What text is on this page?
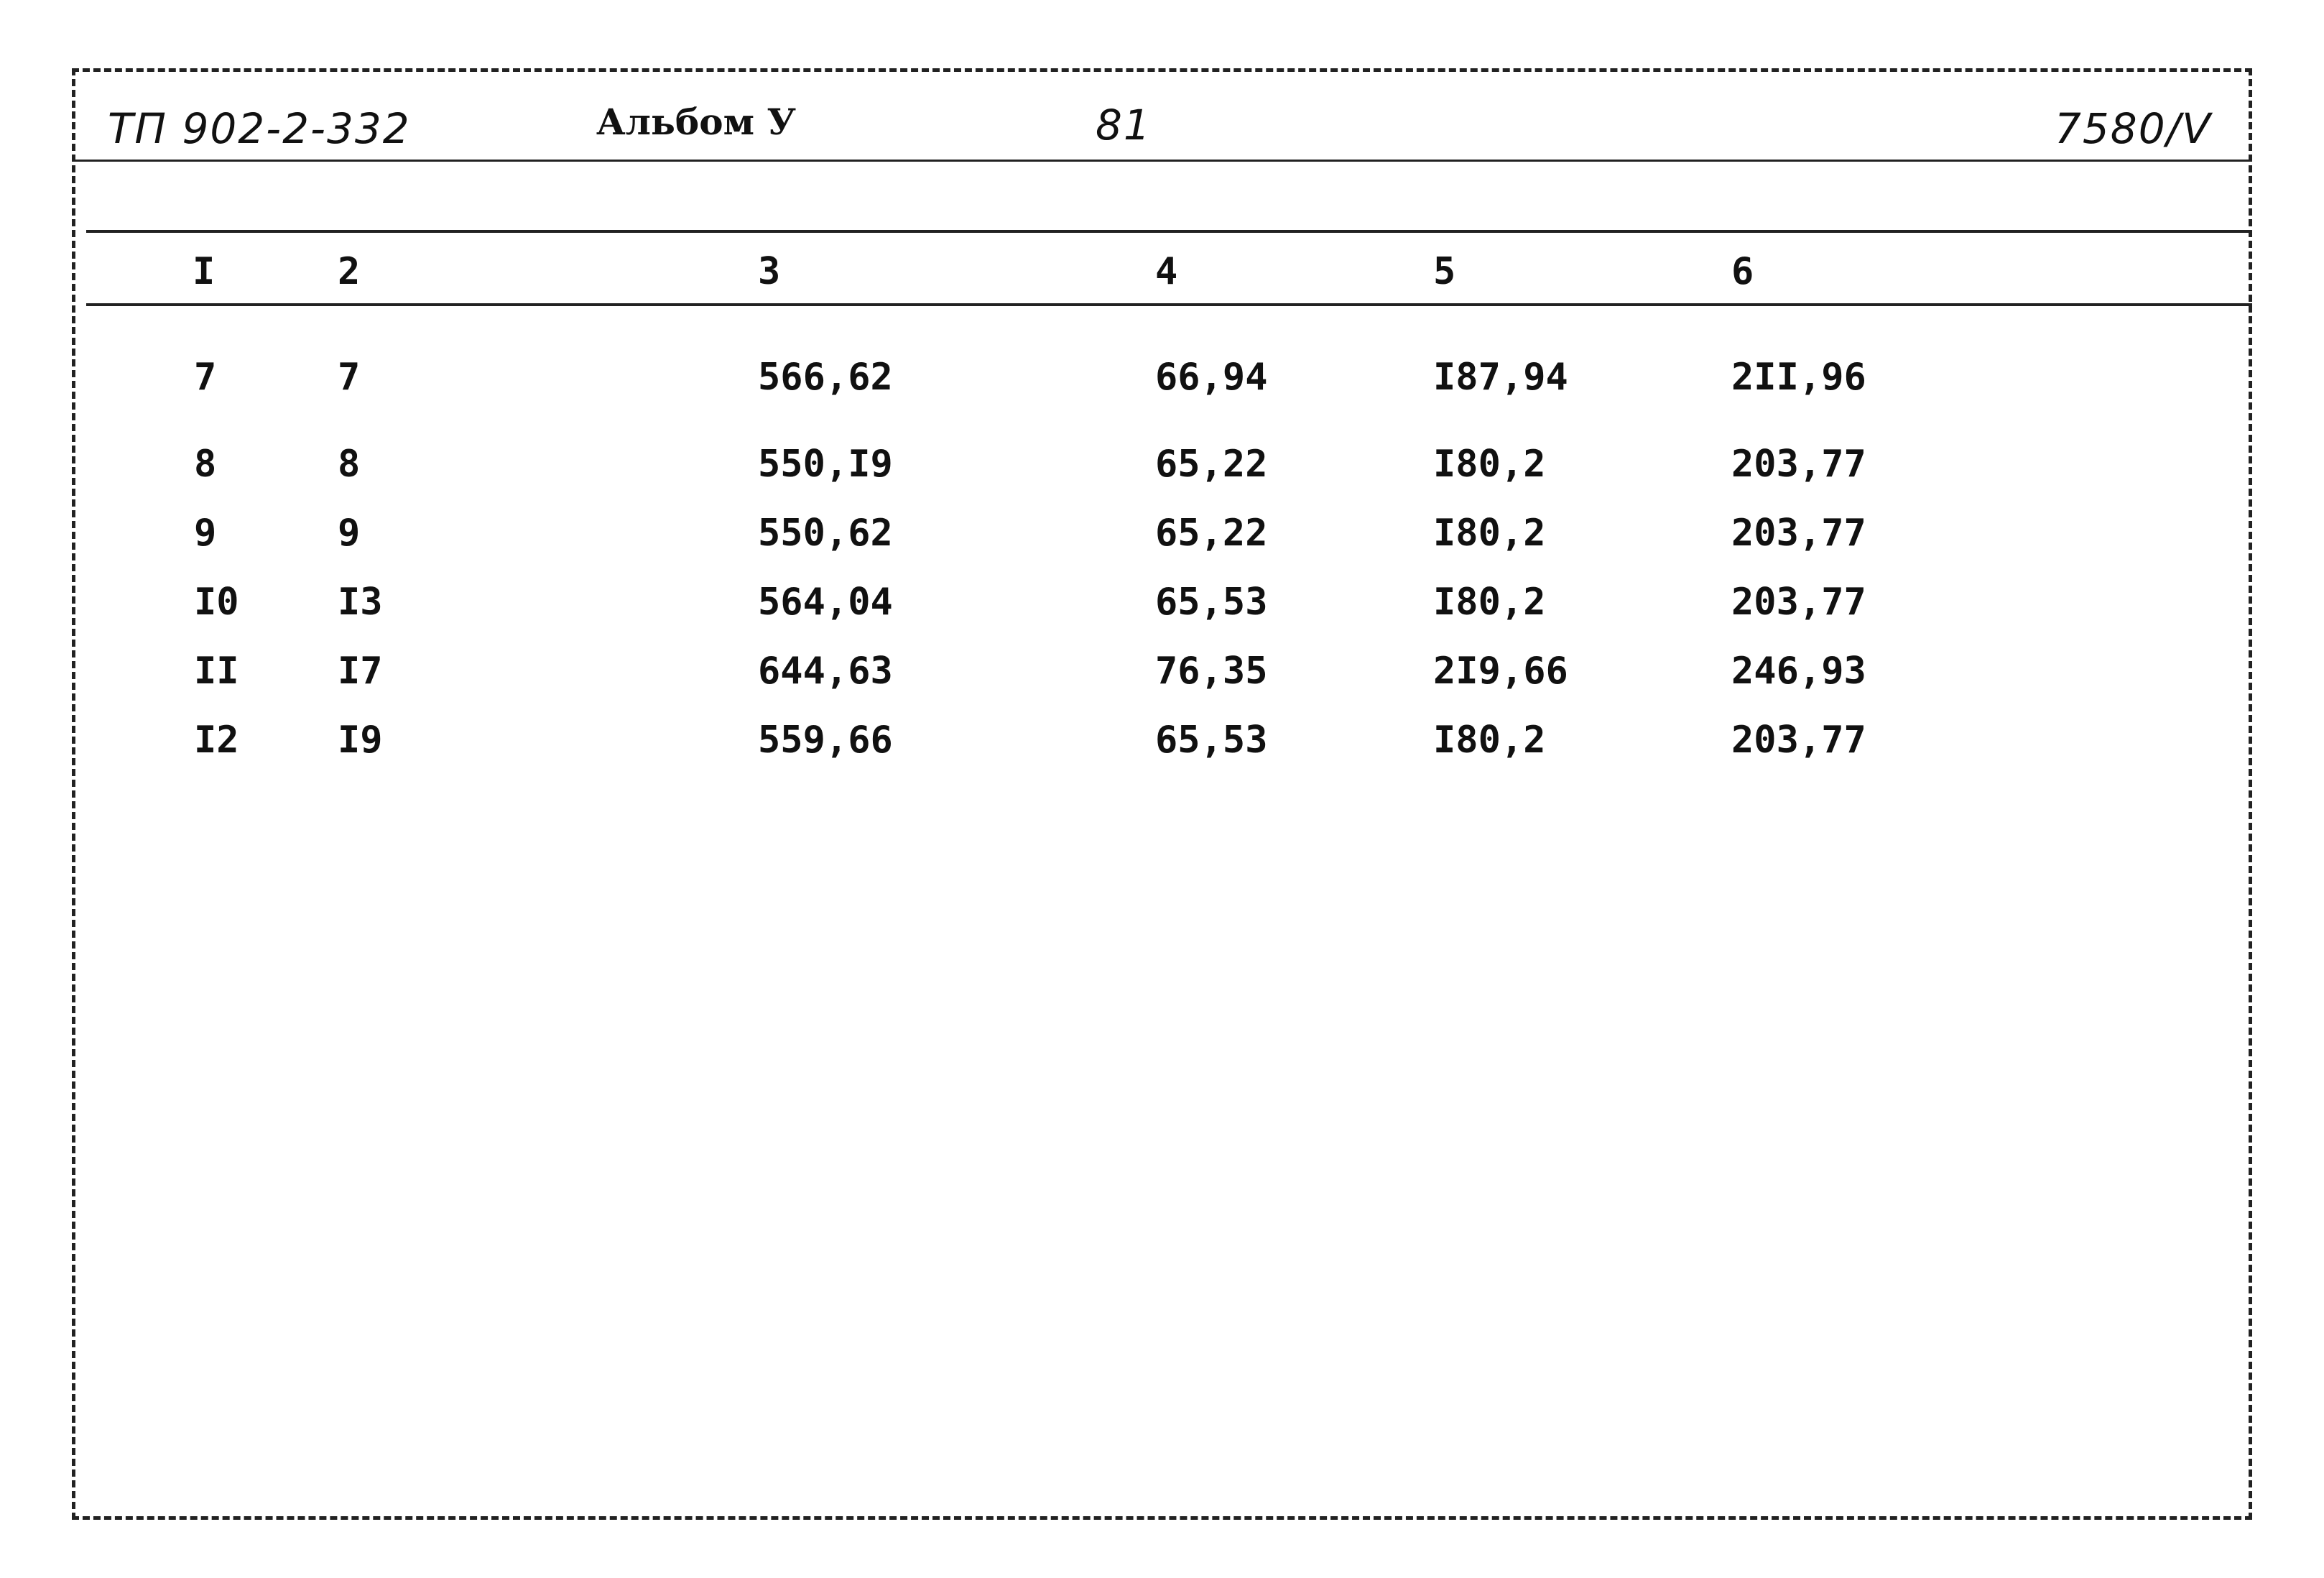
ТП 902-2-332	Альбом У	81	7580/V
I	2	3	4	5	6
7	7	566,62	66,94	I87,94	2II,96
8	8	550,I9	65,22	I80,2	203,77
9	9	550,62	65,22	I80,2	203,77
I0	I3	564,04	65,53	I80,2	203,77
II	I7	644,63	76,35	2I9,66	246,93
I2	I9	559,66	65,53	I80,2	203,77
